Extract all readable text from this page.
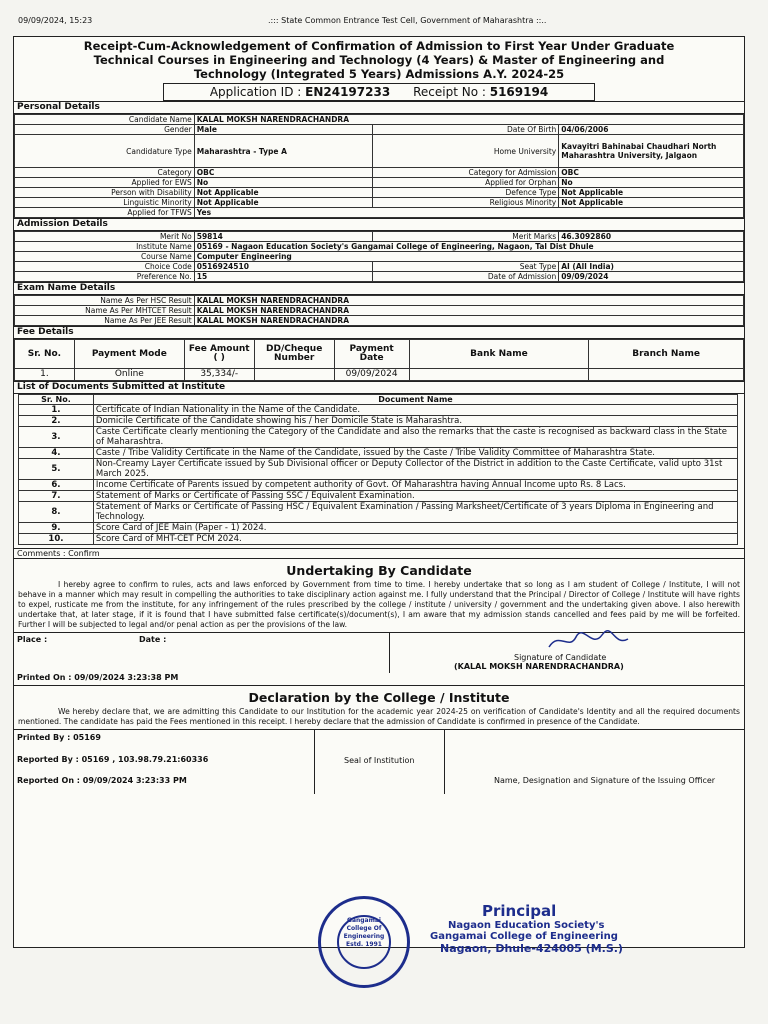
09/09/2024, 15:23	.::: State Common Entrance Test Cell, Government of Maharashtra ::..
Receipt-Cum-Acknowledgement of Confirmation of Admission to First Year Under Graduate
Technical Courses in Engineering and Technology (4 Years) & Master of Engineering and
Technology (Integrated 5 Years) Admissions A.Y. 2024-25
Application ID : EN24197233 Receipt No : 5169194
Personal Details
Candidate Name	KALAL MOKSH NARENDRACHANDRA		
Gender	Male	Date Of Birth	04/06/2006
Candidature Type	Maharashtra - Type A	Home University	Kavayitri Bahinabai Chaudhari North Maharashtra University, Jalgaon
Category	OBC	Category for Admission	OBC
Applied for EWS	No	Applied for Orphan	No
Person with Disability	Not Applicable	Defence Type	Not Applicable
Linguistic Minority	Not Applicable	Religious Minority	Not Applicable
Applied for TFWS	Yes		
Admission Details
Merit No	59814	Merit Marks	46.3092860
Institute Name	05169 - Nagaon Education Society's Gangamai College of Engineering, Nagaon, Tal Dist Dhule		
Course Name	Computer Engineering		
Choice Code	0516924510	Seat Type	AI (All India)
Preference No.	15	Date of Admission	09/09/2024
Exam Name Details
Name As Per HSC Result	KALAL MOKSH NARENDRACHANDRA
Name As Per MHTCET Result	KALAL MOKSH NARENDRACHANDRA
Name As Per JEE Result	KALAL MOKSH NARENDRACHANDRA
Fee Details
Sr. No.	Payment Mode	Fee Amount ( )	DD/Cheque Number	Payment Date	Bank Name	Branch Name
1.	Online	35,334/-		09/09/2024		
List of Documents Submitted at Institute
Sr. No.	Document Name
1.	Certificate of Indian Nationality in the Name of the Candidate.
2.	Domicile Certificate of the Candidate showing his / her Domicile State is Maharashtra.
3.	Caste Certificate clearly mentioning the Category of the Candidate and also the remarks that the caste is recognised as backward class in the State of Maharashtra.
4.	Caste / Tribe Validity Certificate in the Name of the Candidate, issued by the Caste / Tribe Validity Committee of Maharashtra State.
5.	Non-Creamy Layer Certificate issued by Sub Divisional officer or Deputy Collector of the District in addition to the Caste Certificate, valid upto 31st March 2025.
6.	Income Certificate of Parents issued by competent authority of Govt. Of Maharashtra having Annual Income upto Rs. 8 Lacs.
7.	Statement of Marks or Certificate of Passing SSC / Equivalent Examination.
8.	Statement of Marks or Certificate of Passing HSC / Equivalent Examination / Passing Marksheet/Certificate of 3 years Diploma in Engineering and Technology.
9.	Score Card of JEE Main (Paper - 1) 2024.
10.	Score Card of MHT-CET PCM 2024.
Comments : Confirm
Undertaking By Candidate
I hereby agree to confirm to rules, acts and laws enforced by Government from time to time. I hereby undertake that so long as I am student of College / Institute, I will not behave in a manner which may result in compelling the authorities to take disciplinary action against me. I fully understand that the Principal / Director of College / Institute will have rights to expel, rusticate me from the institute, for any infringement of the rules prescribed by the college / institute / university / government and the undertaking given above. I also herewith undertake that, at later stage, if it is found that I have submitted false certificate(s)/document(s), I am aware that my admission stands cancelled and fees paid by me will be forfeited. Further I will be subjected to legal and/or penal action as per the provisions of the law.
Place :	Date :
Signature of Candidate
(KALAL MOKSH NARENDRACHANDRA)
Printed On : 09/09/2024 3:23:38 PM
Declaration by the College / Institute
We hereby declare that, we are admitting this Candidate to our Institution for the academic year 2024-25 on verification of Candidate's Identity and all the required documents mentioned. The candidate has paid the Fees mentioned in this receipt. I hereby declare that the admission of Candidate is confirmed in presence of the Candidate.
Printed By : 05169
Reported By : 05169 , 103.98.79.21:60336
Reported On : 09/09/2024 3:23:33 PM
Seal of Institution
Name, Designation and Signature of the Issuing Officer
Gangamai
College Of
Engineering
Estd. 1991
Principal
Nagaon Education Society's
Gangamai College of Engineering
Nagaon, Dhule-424005 (M.S.)
